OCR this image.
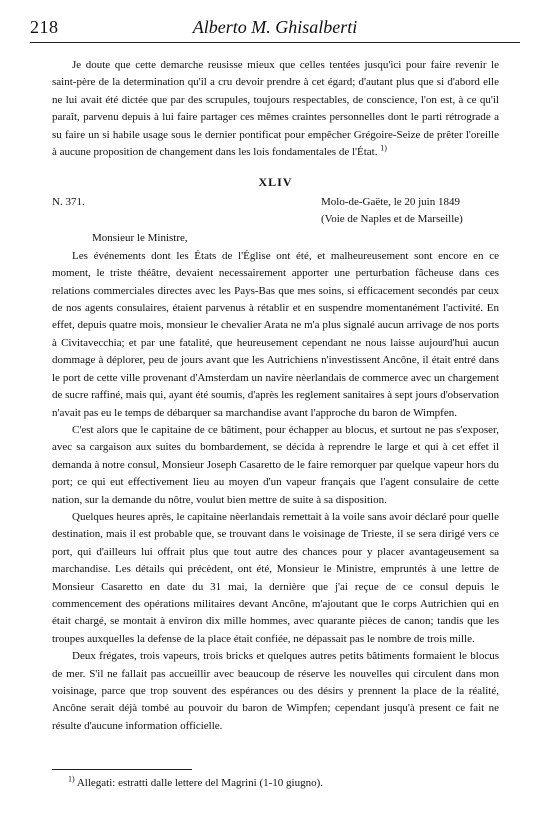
218	Alberto M. Ghisalberti

Je doute que cette demarche reusisse mieux que celles tentées jusqu'ici pour faire revenir le saint-père de la determination qu'il a cru devoir prendre à cet égard; d'autant plus que si d'abord elle ne lui avait été dictée que par des scrupules, toujours respectables, de conscience, l'on est, à ce qu'il paraît, parvenu depuis à lui faire partager ces mêmes craintes personnelles dont le parti rétrograde a su faire un si habile usage sous le dernier pontificat pour empêcher Grégoire-Seize de prêter l'oreille à aucune proposition de changement dans les lois fondamentales de l'État. $^{1)}$

XLIV
N. 371.	Molo-de-Gaëte, le 20 juin 1849
(Voie de Naples et de Marseille)

Monsieur le Ministre,

Les événements dont les États de l'Église ont été, et malheureusement sont encore en ce moment, le triste théâtre, devaient necessairement apporter une perturbation fâcheuse dans ces relations commerciales directes avec les Pays-Bas que mes soins, si efficacement secondés par ceux de nos agents consulaires, étaient parvenus à rétablir et en suspendre momentanément l'activité. En effet, depuis quatre mois, monsieur le chevalier Arata ne m'a plus signalé aucun arrivage de nos ports à Civitavecchia; et par une fatalité, que heureusement cependant ne nous laisse aujourd'hui aucun dommage à déplorer, peu de jours avant que les Autrichiens n'investissent Ancône, il était entré dans le port de cette ville provenant d'Amsterdam un navire nèerlandais de commerce avec un chargement de sucre raffiné, mais qui, ayant été soumis, d'après les reglement sanitaires à sept jours d'observation n'avait pas eu le temps de débarquer sa marchandise avant l'approche du baron de Wimpfen.

C'est alors que le capitaine de ce bâtiment, pour échapper au blocus, et surtout ne pas s'exposer, avec sa cargaison aux suites du bombardement, se décida à reprendre le large et qui à cet effet il demanda à notre consul, Monsieur Joseph Casaretto de le faire remorquer par quelque vapeur hors du port; ce qui eut effectivement lieu au moyen d'un vapeur français que l'agent consulaire de cette nation, sur la demande du nôtre, voulut bien mettre de suite à sa disposition.

Quelques heures après, le capitaine nèerlandais remettait à la voile sans avoir déclaré pour quelle destination, mais il est probable que, se trouvant dans le voisinage de Trieste, il se sera dirigé vers ce port, qui d'ailleurs lui offrait plus que tout autre des chances pour y placer avantageusement sa marchandise. Les détails qui précèdent, ont été, Monsieur le Ministre, empruntés à une lettre de Monsieur Casaretto en date du 31 mai, la dernière que j'ai reçue de ce consul depuis le commencement des opérations militaires devant Ancône, m'ajoutant que le corps Autrichien qui en était chargé, se montait à environ dix mille hommes, avec quarante pièces de canon; tandis que les troupes auxquelles la defense de la place était confiée, ne dépassait pas le nombre de trois mille.

Deux frégates, trois vapeurs, trois bricks et quelques autres petits bâtiments formaient le blocus de mer. S'il ne fallait pas accueillir avec beaucoup de réserve les nouvelles qui circulent dans mon voisinage, parce que trop souvent des espérances ou des désirs y prennent la place de la réalité, Ancône serait déjà tombé au pouvoir du baron de Wimpfen; cependant jusqu'à present ce fait ne résulte d'aucune information officielle.

$^{1)}$ Allegati: estratti dalle lettere del Magrini (1-10 giugno).
